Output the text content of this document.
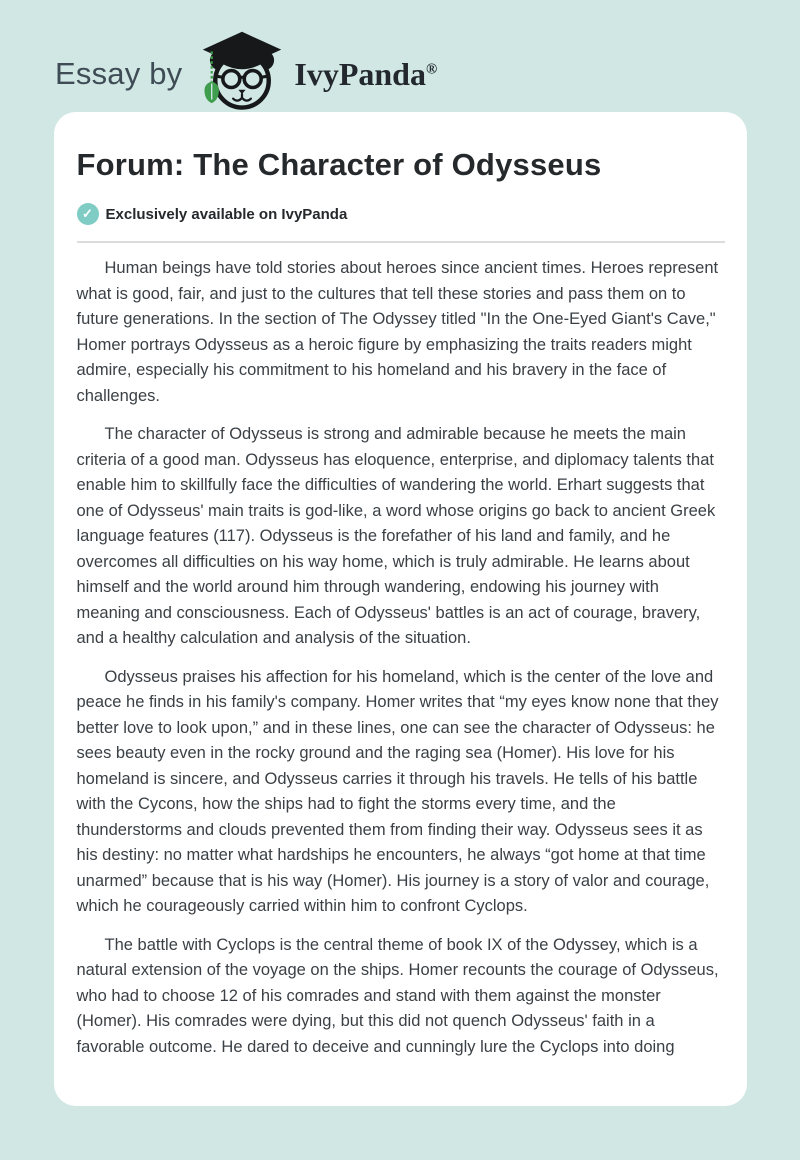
Essay by	IvyPanda®
Forum: The Character of Odysseus
✓ Exclusively available on IvyPanda

Human beings have told stories about heroes since ancient times. Heroes represent what is good, fair, and just to the cultures that tell these stories and pass them on to future generations. In the section of The Odyssey titled "In the One-Eyed Giant's Cave," Homer portrays Odysseus as a heroic figure by emphasizing the traits readers might admire, especially his commitment to his homeland and his bravery in the face of challenges.

The character of Odysseus is strong and admirable because he meets the main criteria of a good man. Odysseus has eloquence, enterprise, and diplomacy talents that enable him to skillfully face the difficulties of wandering the world. Erhart suggests that one of Odysseus' main traits is god-like, a word whose origins go back to ancient Greek language features (117). Odysseus is the forefather of his land and family, and he overcomes all difficulties on his way home, which is truly admirable. He learns about himself and the world around him through wandering, endowing his journey with meaning and consciousness. Each of Odysseus' battles is an act of courage, bravery, and a healthy calculation and analysis of the situation.

Odysseus praises his affection for his homeland, which is the center of the love and peace he finds in his family's company. Homer writes that “my eyes know none that they better love to look upon,” and in these lines, one can see the character of Odysseus: he sees beauty even in the rocky ground and the raging sea (Homer). His love for his homeland is sincere, and Odysseus carries it through his travels. He tells of his battle with the Cycons, how the ships had to fight the storms every time, and the thunderstorms and clouds prevented them from finding their way. Odysseus sees it as his destiny: no matter what hardships he encounters, he always “got home at that time unarmed” because that is his way (Homer). His journey is a story of valor and courage, which he courageously carried within him to confront Cyclops.

The battle with Cyclops is the central theme of book IX of the Odyssey, which is a natural extension of the voyage on the ships. Homer recounts the courage of Odysseus, who had to choose 12 of his comrades and stand with them against the monster (Homer). His comrades were dying, but this did not quench Odysseus' faith in a favorable outcome. He dared to deceive and cunningly lure the Cyclops into doing
